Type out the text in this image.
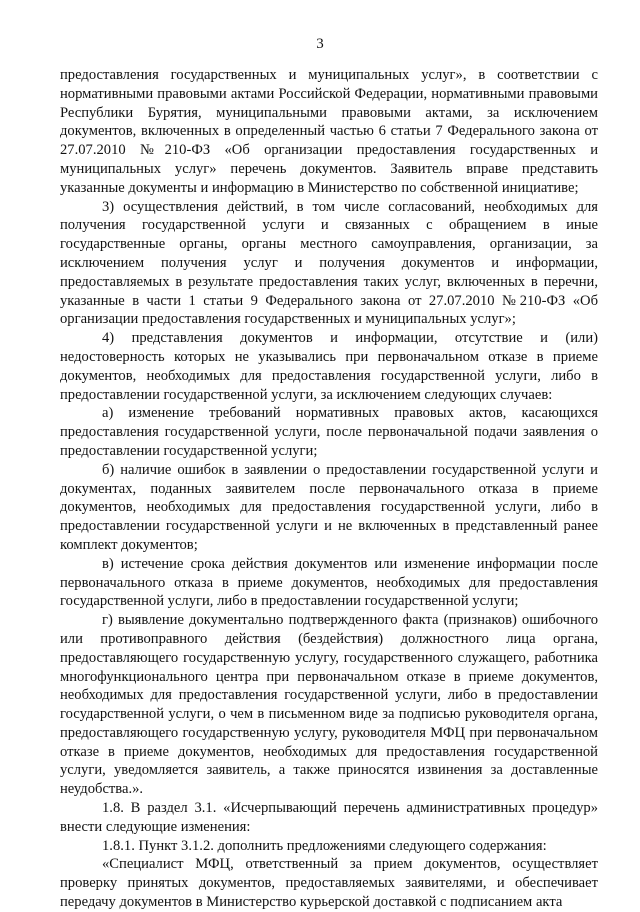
3

предоставления государственных и муниципальных услуг», в соответствии с нормативными правовыми актами Российской Федерации, нормативными правовыми Республики Бурятия, муниципальными правовыми актами, за исключением документов, включенных в определенный частью 6 статьи 7 Федерального закона от 27.07.2010 №210-ФЗ «Об организации предоставления государственных и муниципальных услуг» перечень документов. Заявитель вправе представить указанные документы и информацию в Министерство по собственной инициативе;

3) осуществления действий, в том числе согласований, необходимых для получения государственной услуги и связанных с обращением в иные государственные органы, органы местного самоуправления, организации, за исключением получения услуг и получения документов и информации, предоставляемых в результате предоставления таких услуг, включенных в перечни, указанные в части 1 статьи 9 Федерального закона от 27.07.2010 №210-ФЗ «Об организации предоставления государственных и муниципальных услуг»;

4) представления документов и информации, отсутствие и (или) недостоверность которых не указывались при первоначальном отказе в приеме документов, необходимых для предоставления государственной услуги, либо в предоставлении государственной услуги, за исключением следующих случаев:

а) изменение требований нормативных правовых актов, касающихся предоставления государственной услуги, после первоначальной подачи заявления о предоставлении государственной услуги;

б) наличие ошибок в заявлении о предоставлении государственной услуги и документах, поданных заявителем после первоначального отказа в приеме документов, необходимых для предоставления государственной услуги, либо в предоставлении государственной услуги и не включенных в представленный ранее комплект документов;

в) истечение срока действия документов или изменение информации после первоначального отказа в приеме документов, необходимых для предоставления государственной услуги, либо в предоставлении государственной услуги;

г) выявление документально подтвержденного факта (признаков) ошибочного или противоправного действия (бездействия) должностного лица органа, предоставляющего государственную услугу, государственного служащего, работника многофункционального центра при первоначальном отказе в приеме документов, необходимых для предоставления государственной услуги, либо в предоставлении государственной услуги, о чем в письменном виде за подписью руководителя органа, предоставляющего государственную услугу, руководителя МФЦ при первоначальном отказе в приеме документов, необходимых для предоставления государственной услуги, уведомляется заявитель, а также приносятся извинения за доставленные неудобства.».

1.8. В раздел 3.1. «Исчерпывающий перечень административных процедур» внести следующие изменения:

1.8.1. Пункт 3.1.2. дополнить предложениями следующего содержания:

«Специалист МФЦ, ответственный за прием документов, осуществляет проверку принятых документов, предоставляемых заявителями, и обеспечивает передачу документов в Министерство курьерской доставкой с подписанием акта
